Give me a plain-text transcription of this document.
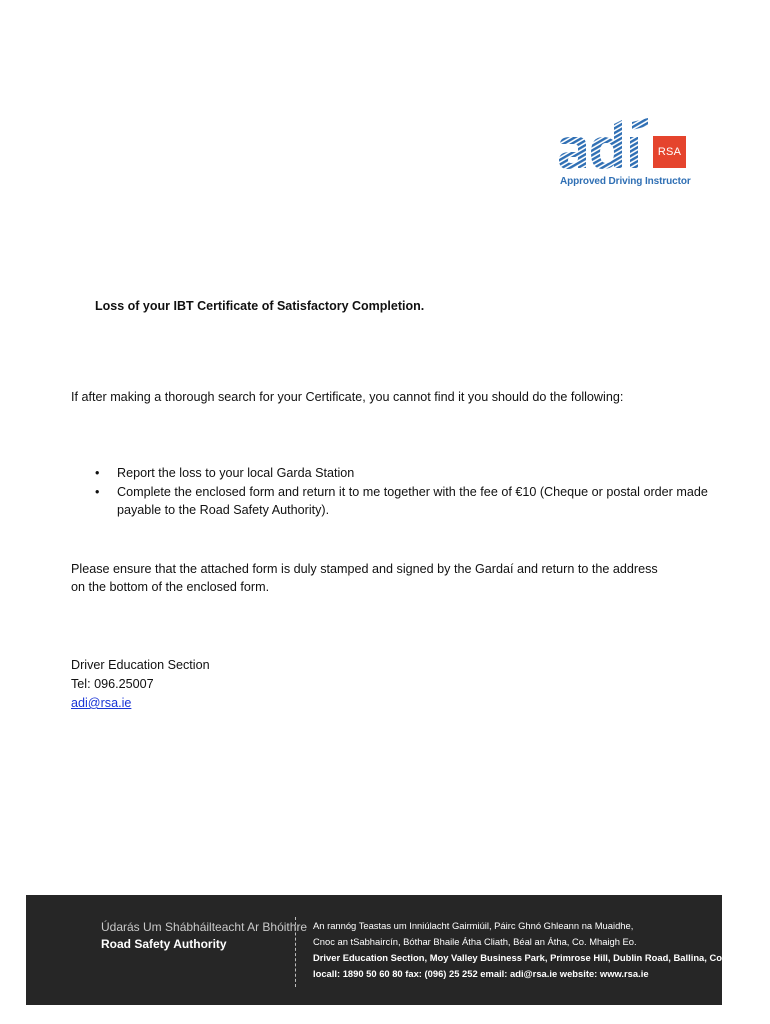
RSA
Approved Driving Instructor
Loss of your IBT Certificate of Satisfactory Completion.

If after making a thorough search for your Certificate, you cannot find it you should do the following:

• Report the loss to your local Garda Station
• Complete the enclosed form and return it to me together with the fee of €10 (Cheque or postal order made payable to the Road Safety Authority).

Please ensure that the attached form is duly stamped and signed by the Gardaí and return to the address on the bottom of the enclosed form.

Driver Education Section
Tel: 096.25007
adi@rsa.ie
Údarás Um Shábháilteacht Ar Bhóithre
Road Safety Authority
An rannóg Teastas um Inniúlacht Gairmiúil, Páirc Ghnó Ghleann na Muaidhe,
Cnoc an tSabhaircín, Bóthar Bhaile Átha Cliath, Béal an Átha, Co. Mhaigh Eo.
Driver Education Section, Moy Valley Business Park, Primrose Hill, Dublin Road, Ballina, Co. Mayo.
locall: 1890 50 60 80 fax: (096) 25 252 email: adi@rsa.ie website: www.rsa.ie
